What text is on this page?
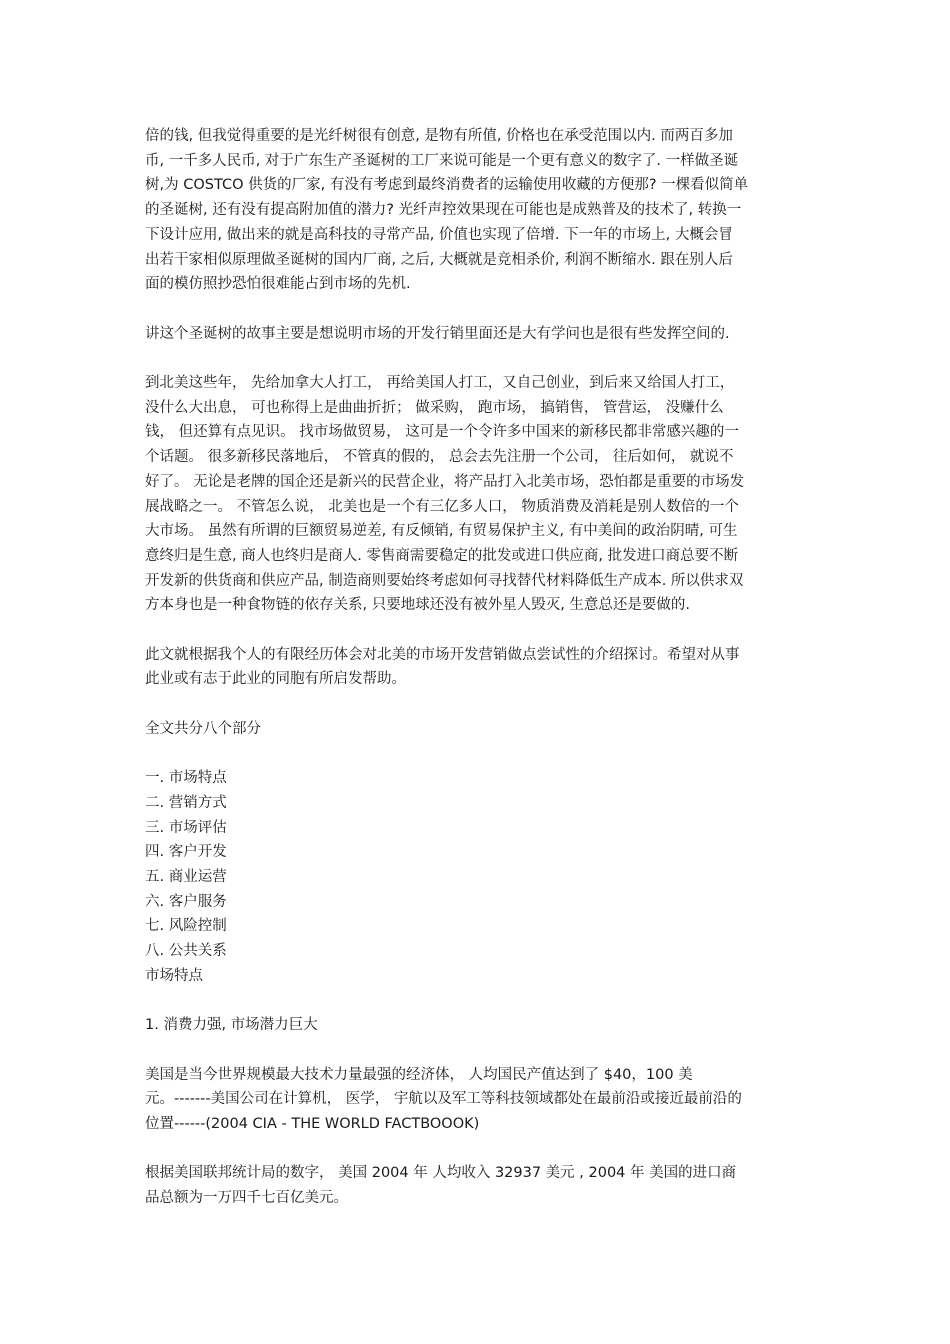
倍的钱, 但我觉得重要的是光纤树很有创意, 是物有所值, 价格也在承受范围以内. 而两百多加
币, 一千多人民币, 对于广东生产圣诞树的工厂来说可能是一个更有意义的数字了. 一样做圣诞
树,为 COSTCO 供货的厂家, 有没有考虑到最终消费者的运输使用收藏的方便那? 一棵看似简单
的圣诞树, 还有没有提高附加值的潜力? 光纤声控效果现在可能也是成熟普及的技术了, 转换一
下设计应用, 做出来的就是高科技的寻常产品, 价值也实现了倍增. 下一年的市场上, 大概会冒
出若干家相似原理做圣诞树的国内厂商, 之后, 大概就是竞相杀价, 利润不断缩水. 跟在别人后
面的模仿照抄恐怕很难能占到市场的先机.

讲这个圣诞树的故事主要是想说明市场的开发行销里面还是大有学问也是很有些发挥空间的.

到北美这些年， 先给加拿大人打工， 再给美国人打工，又自己创业，到后来又给国人打工，
没什么大出息， 可也称得上是曲曲折折； 做采购， 跑市场， 搞销售， 管营运， 没赚什么
钱， 但还算有点见识。 找市场做贸易， 这可是一个令许多中国来的新移民都非常感兴趣的一
个话题。 很多新移民落地后， 不管真的假的， 总会去先注册一个公司， 往后如何， 就说不
好了。 无论是老牌的国企还是新兴的民营企业，将产品打入北美市场，恐怕都是重要的市场发
展战略之一。 不管怎么说， 北美也是一个有三亿多人口， 物质消费及消耗是别人数倍的一个
大市场。 虽然有所谓的巨额贸易逆差, 有反倾销, 有贸易保护主义, 有中美间的政治阴晴, 可生
意终归是生意, 商人也终归是商人. 零售商需要稳定的批发或进口供应商, 批发进口商总要不断
开发新的供货商和供应产品, 制造商则要始终考虑如何寻找替代材料降低生产成本. 所以供求双
方本身也是一种食物链的依存关系, 只要地球还没有被外星人毁灭, 生意总还是要做的.

此文就根据我个人的有限经历体会对北美的市场开发营销做点尝试性的介绍探讨。希望对从事
此业或有志于此业的同胞有所启发帮助。

全文共分八个部分

一. 市场特点
二. 营销方式
三. 市场评估
四. 客户开发
五. 商业运营
六. 客户服务
七. 风险控制
八. 公共关系

市场特点

1. 消费力强, 市场潜力巨大

美国是当今世界规模最大技术力量最强的经济体， 人均国民产值达到了 $40，100 美
元。-------美国公司在计算机， 医学， 宇航以及军工等科技领域都处在最前沿或接近最前沿的
位置------(2004 CIA - THE WORLD FACTBOOOK)

根据美国联邦统计局的数字， 美国 2004 年 人均收入 32937 美元 , 2004 年 美国的进口商
品总额为一万四千七百亿美元。
